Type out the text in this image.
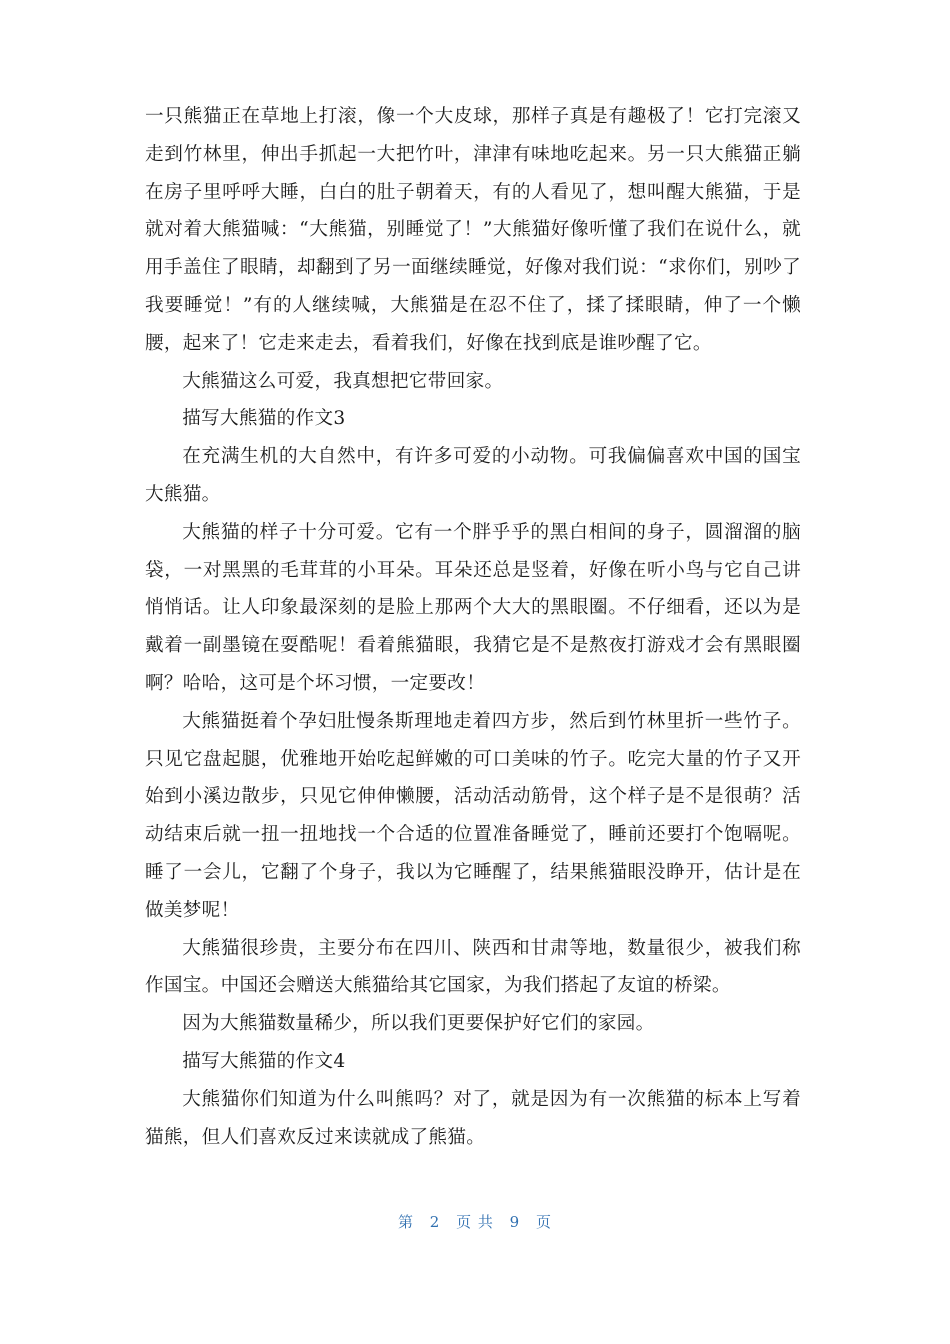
一只熊猫正在草地上打滚，像一个大皮球，那样子真是有趣极了！它打完滚又走到竹林里，伸出手抓起一大把竹叶，津津有味地吃起来。另一只大熊猫正躺在房子里呼呼大睡，白白的肚子朝着天，有的人看见了，想叫醒大熊猫，于是就对着大熊猫喊：“大熊猫，别睡觉了！”大熊猫好像听懂了我们在说什么，就用手盖住了眼睛，却翻到了另一面继续睡觉，好像对我们说：“求你们，别吵了我要睡觉！”有的人继续喊，大熊猫是在忍不住了，揉了揉眼睛，伸了一个懒腰，起来了！它走来走去，看着我们，好像在找到底是谁吵醒了它。

大熊猫这么可爱，我真想把它带回家。

描写大熊猫的作文3

在充满生机的大自然中，有许多可爱的小动物。可我偏偏喜欢中国的国宝大熊猫。

大熊猫的样子十分可爱。它有一个胖乎乎的黑白相间的身子，圆溜溜的脑袋，一对黑黑的毛茸茸的小耳朵。耳朵还总是竖着，好像在听小鸟与它自己讲悄悄话。让人印象最深刻的是脸上那两个大大的黑眼圈。不仔细看，还以为是戴着一副墨镜在耍酷呢！看着熊猫眼，我猜它是不是熬夜打游戏才会有黑眼圈啊？哈哈，这可是个坏习惯，一定要改！

大熊猫挺着个孕妇肚慢条斯理地走着四方步，然后到竹林里折一些竹子。只见它盘起腿，优雅地开始吃起鲜嫩的可口美味的竹子。吃完大量的竹子又开始到小溪边散步，只见它伸伸懒腰，活动活动筋骨，这个样子是不是很萌？活动结束后就一扭一扭地找一个合适的位置准备睡觉了，睡前还要打个饱嗝呢。睡了一会儿，它翻了个身子，我以为它睡醒了，结果熊猫眼没睁开，估计是在做美梦呢！

大熊猫很珍贵，主要分布在四川、陕西和甘肃等地，数量很少，被我们称作国宝。中国还会赠送大熊猫给其它国家，为我们搭起了友谊的桥梁。

因为大熊猫数量稀少，所以我们更要保护好它们的家园。

描写大熊猫的作文4

大熊猫你们知道为什么叫熊吗？对了，就是因为有一次熊猫的标本上写着猫熊，但人们喜欢反过来读就成了熊猫。

第 2 页 共 9 页
